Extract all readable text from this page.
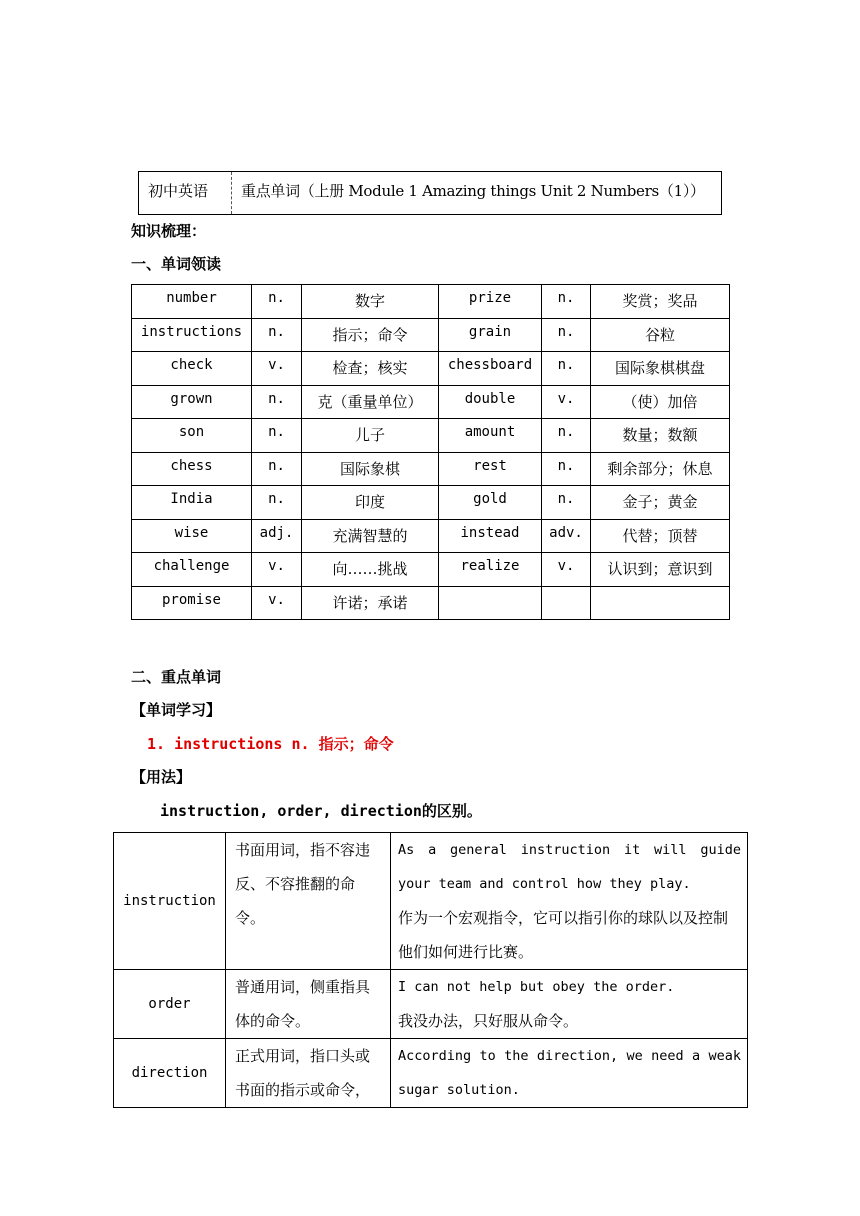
初中英语	重点单词（上册 Module 1 Amazing things Unit 2 Numbers（1））
知识梳理：
一、单词领读
number	n.	数字	prize	n.	奖赏；奖品
instructions	n.	指示；命令	grain	n.	谷粒
check	v.	检查；核实	chessboard	n.	国际象棋棋盘
grown	n.	克（重量单位）	double	v.	（使）加倍
son	n.	儿子	amount	n.	数量；数额
chess	n.	国际象棋	rest	n.	剩余部分；休息
India	n.	印度	gold	n.	金子；黄金
wise	adj.	充满智慧的	instead	adv.	代替；顶替
challenge	v.	向……挑战	realize	v.	认识到；意识到
promise	v.	许诺；承诺			
二、重点单词
【单词学习】
1. instructions n. 指示；命令
【用法】
instruction, order, direction的区别。
instruction	书面用词，指不容违反、不容推翻的命令。	As a general instruction it will guide your team and control how they play.
作为一个宏观指令，它可以指引你的球队以及控制他们如何进行比赛。

order	普通用词，侧重指具体的命令。	I can not help but obey the order.
我没办法，只好服从命令。

direction	正式用词，指口头或书面的指示或命令，	According to the direction, we need a weak sugar solution.
